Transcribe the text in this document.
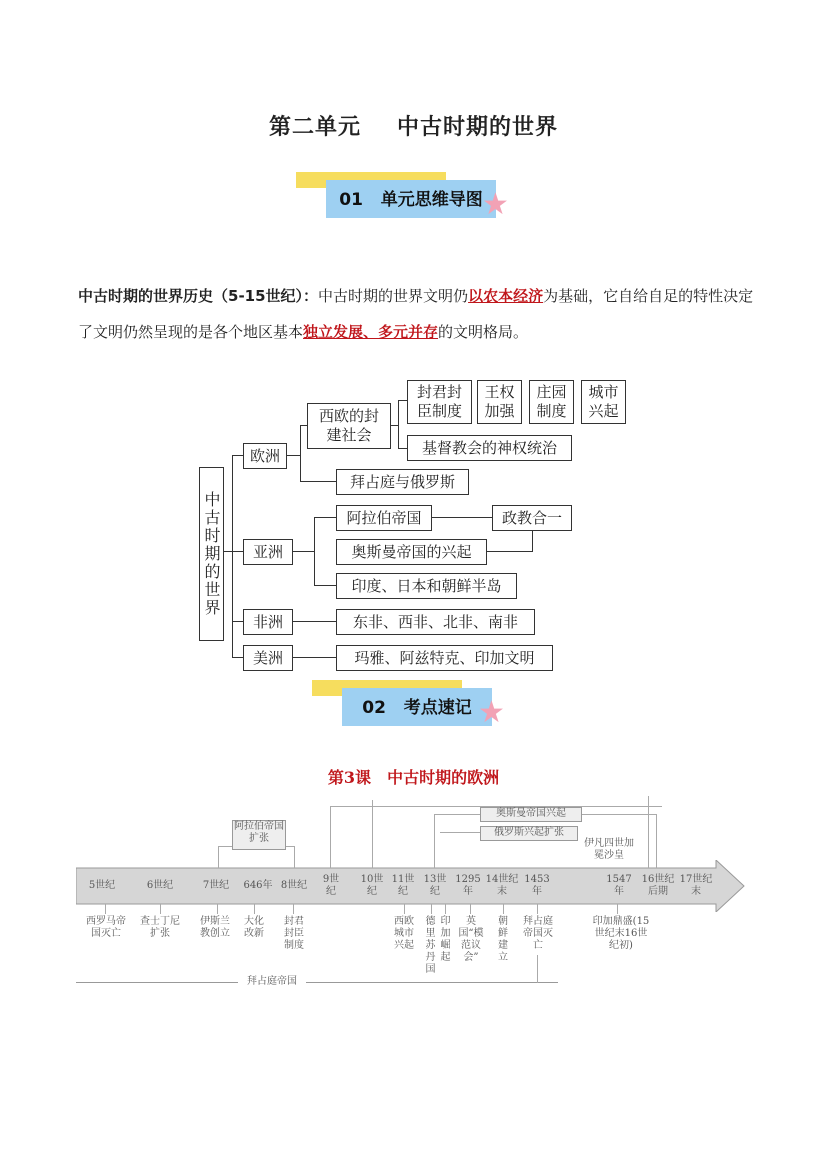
第二单元 中古时期的世界
01 单元思维导图 ★
中古时期的世界历史（5-15世纪）：中古时期的世界文明仍以农本经济为基础，它自给自足的特性决定了文明仍然呈现的是各个地区基本独立发展、多元并存的文明格局。
中古时期的世界
欧洲
西欧的封建社会
封君封臣制度
王权加强
庄园制度
城市兴起
基督教会的神权统治
拜占庭与俄罗斯
亚洲
阿拉伯帝国	政教合一
奥斯曼帝国的兴起
印度、日本和朝鲜半岛
非洲	东非、西非、北非、南非
美洲	玛雅、阿兹特克、印加文明
02 考点速记 ★
第3课 中古时期的欧洲
阿拉伯帝国扩张
奥斯曼帝国兴起
俄罗斯兴起扩张
伊凡四世加冕沙皇
5世纪	6世纪	7世纪	646年 8世纪
9世纪
10世纪
11世纪
13世纪
1295年
14世纪末
1453年
1547年
16世纪后期
17世纪末
西罗马帝国灭亡
查士丁尼扩张
伊斯兰教创立
大化改新
封君封臣制度
西欧城市兴起
德里苏丹国
印加崛起
英国“模范议会”
朝鲜建立
拜占庭帝国灭亡
印加鼎盛(15世纪末16世纪初)
拜占庭帝国
